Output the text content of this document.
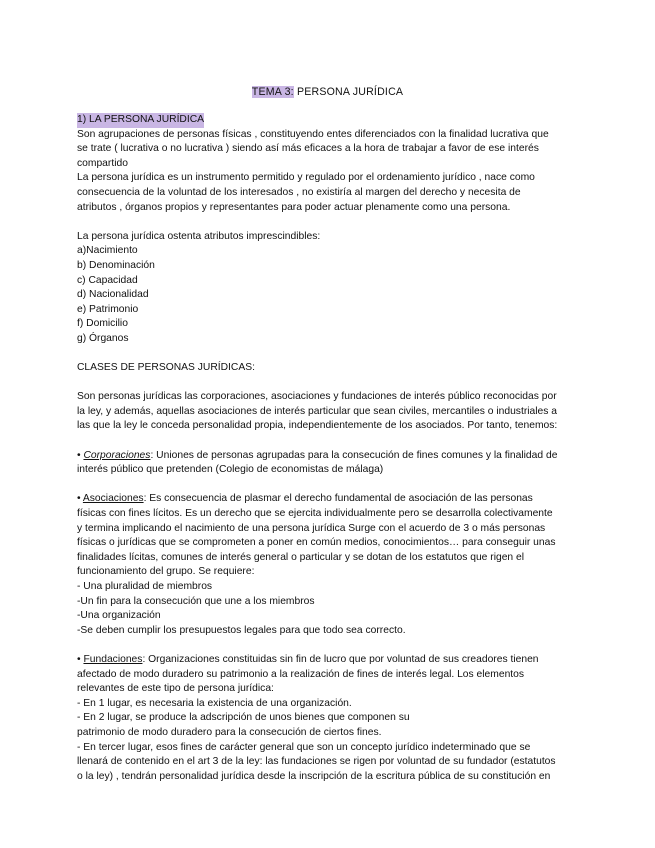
TEMA 3: PERSONA JURÍDICA

1) LA PERSONA JURÍDICA

Son agrupaciones de personas físicas , constituyendo entes diferenciados con la finalidad lucrativa que

se trate ( lucrativa o no lucrativa ) siendo así más eficaces a la hora de trabajar a favor de ese interés

compartido

La persona jurídica es un instrumento permitido y regulado por el ordenamiento jurídico , nace como

consecuencia de la voluntad de los interesados , no existiría al margen del derecho y necesita de

atributos , órganos propios y representantes para poder actuar plenamente como una persona.

La persona jurídica ostenta atributos imprescindibles:

a)Nacimiento

b) Denominación

c) Capacidad

d) Nacionalidad

e) Patrimonio

f) Domicilio

g) Órganos

CLASES DE PERSONAS JURÍDICAS:

Son personas jurídicas las corporaciones, asociaciones y fundaciones de interés público reconocidas por

la ley, y además, aquellas asociaciones de interés particular que sean civiles, mercantiles o industriales a

las que la ley le conceda personalidad propia, independientemente de los asociados. Por tanto, tenemos:

• Corporaciones: Uniones de personas agrupadas para la consecución de fines comunes y la finalidad de

interés público que pretenden (Colegio de economistas de málaga)

• Asociaciones: Es consecuencia de plasmar el derecho fundamental de asociación de las personas

físicas con fines lícitos. Es un derecho que se ejercita individualmente pero se desarrolla colectivamente

y termina implicando el nacimiento de una persona jurídica Surge con el acuerdo de 3 o más personas

físicas o jurídicas que se comprometen a poner en común medios, conocimientos… para conseguir unas

finalidades lícitas, comunes de interés general o particular y se dotan de los estatutos que rigen el

funcionamiento del grupo. Se requiere:

- Una pluralidad de miembros

-Un fin para la consecución que une a los miembros

-Una organización

-Se deben cumplir los presupuestos legales para que todo sea correcto.

• Fundaciones: Organizaciones constituidas sin fin de lucro que por voluntad de sus creadores tienen

afectado de modo duradero su patrimonio a la realización de fines de interés legal. Los elementos

relevantes de este tipo de persona jurídica:

- En 1 lugar, es necesaria la existencia de una organización.

- En 2 lugar, se produce la adscripción de unos bienes que componen su

patrimonio de modo duradero para la consecución de ciertos fines.

- En tercer lugar, esos fines de carácter general que son un concepto jurídico indeterminado que se

llenará de contenido en el art 3 de la ley: las fundaciones se rigen por voluntad de su fundador (estatutos

o la ley) , tendrán personalidad jurídica desde la inscripción de la escritura pública de su constitución en
